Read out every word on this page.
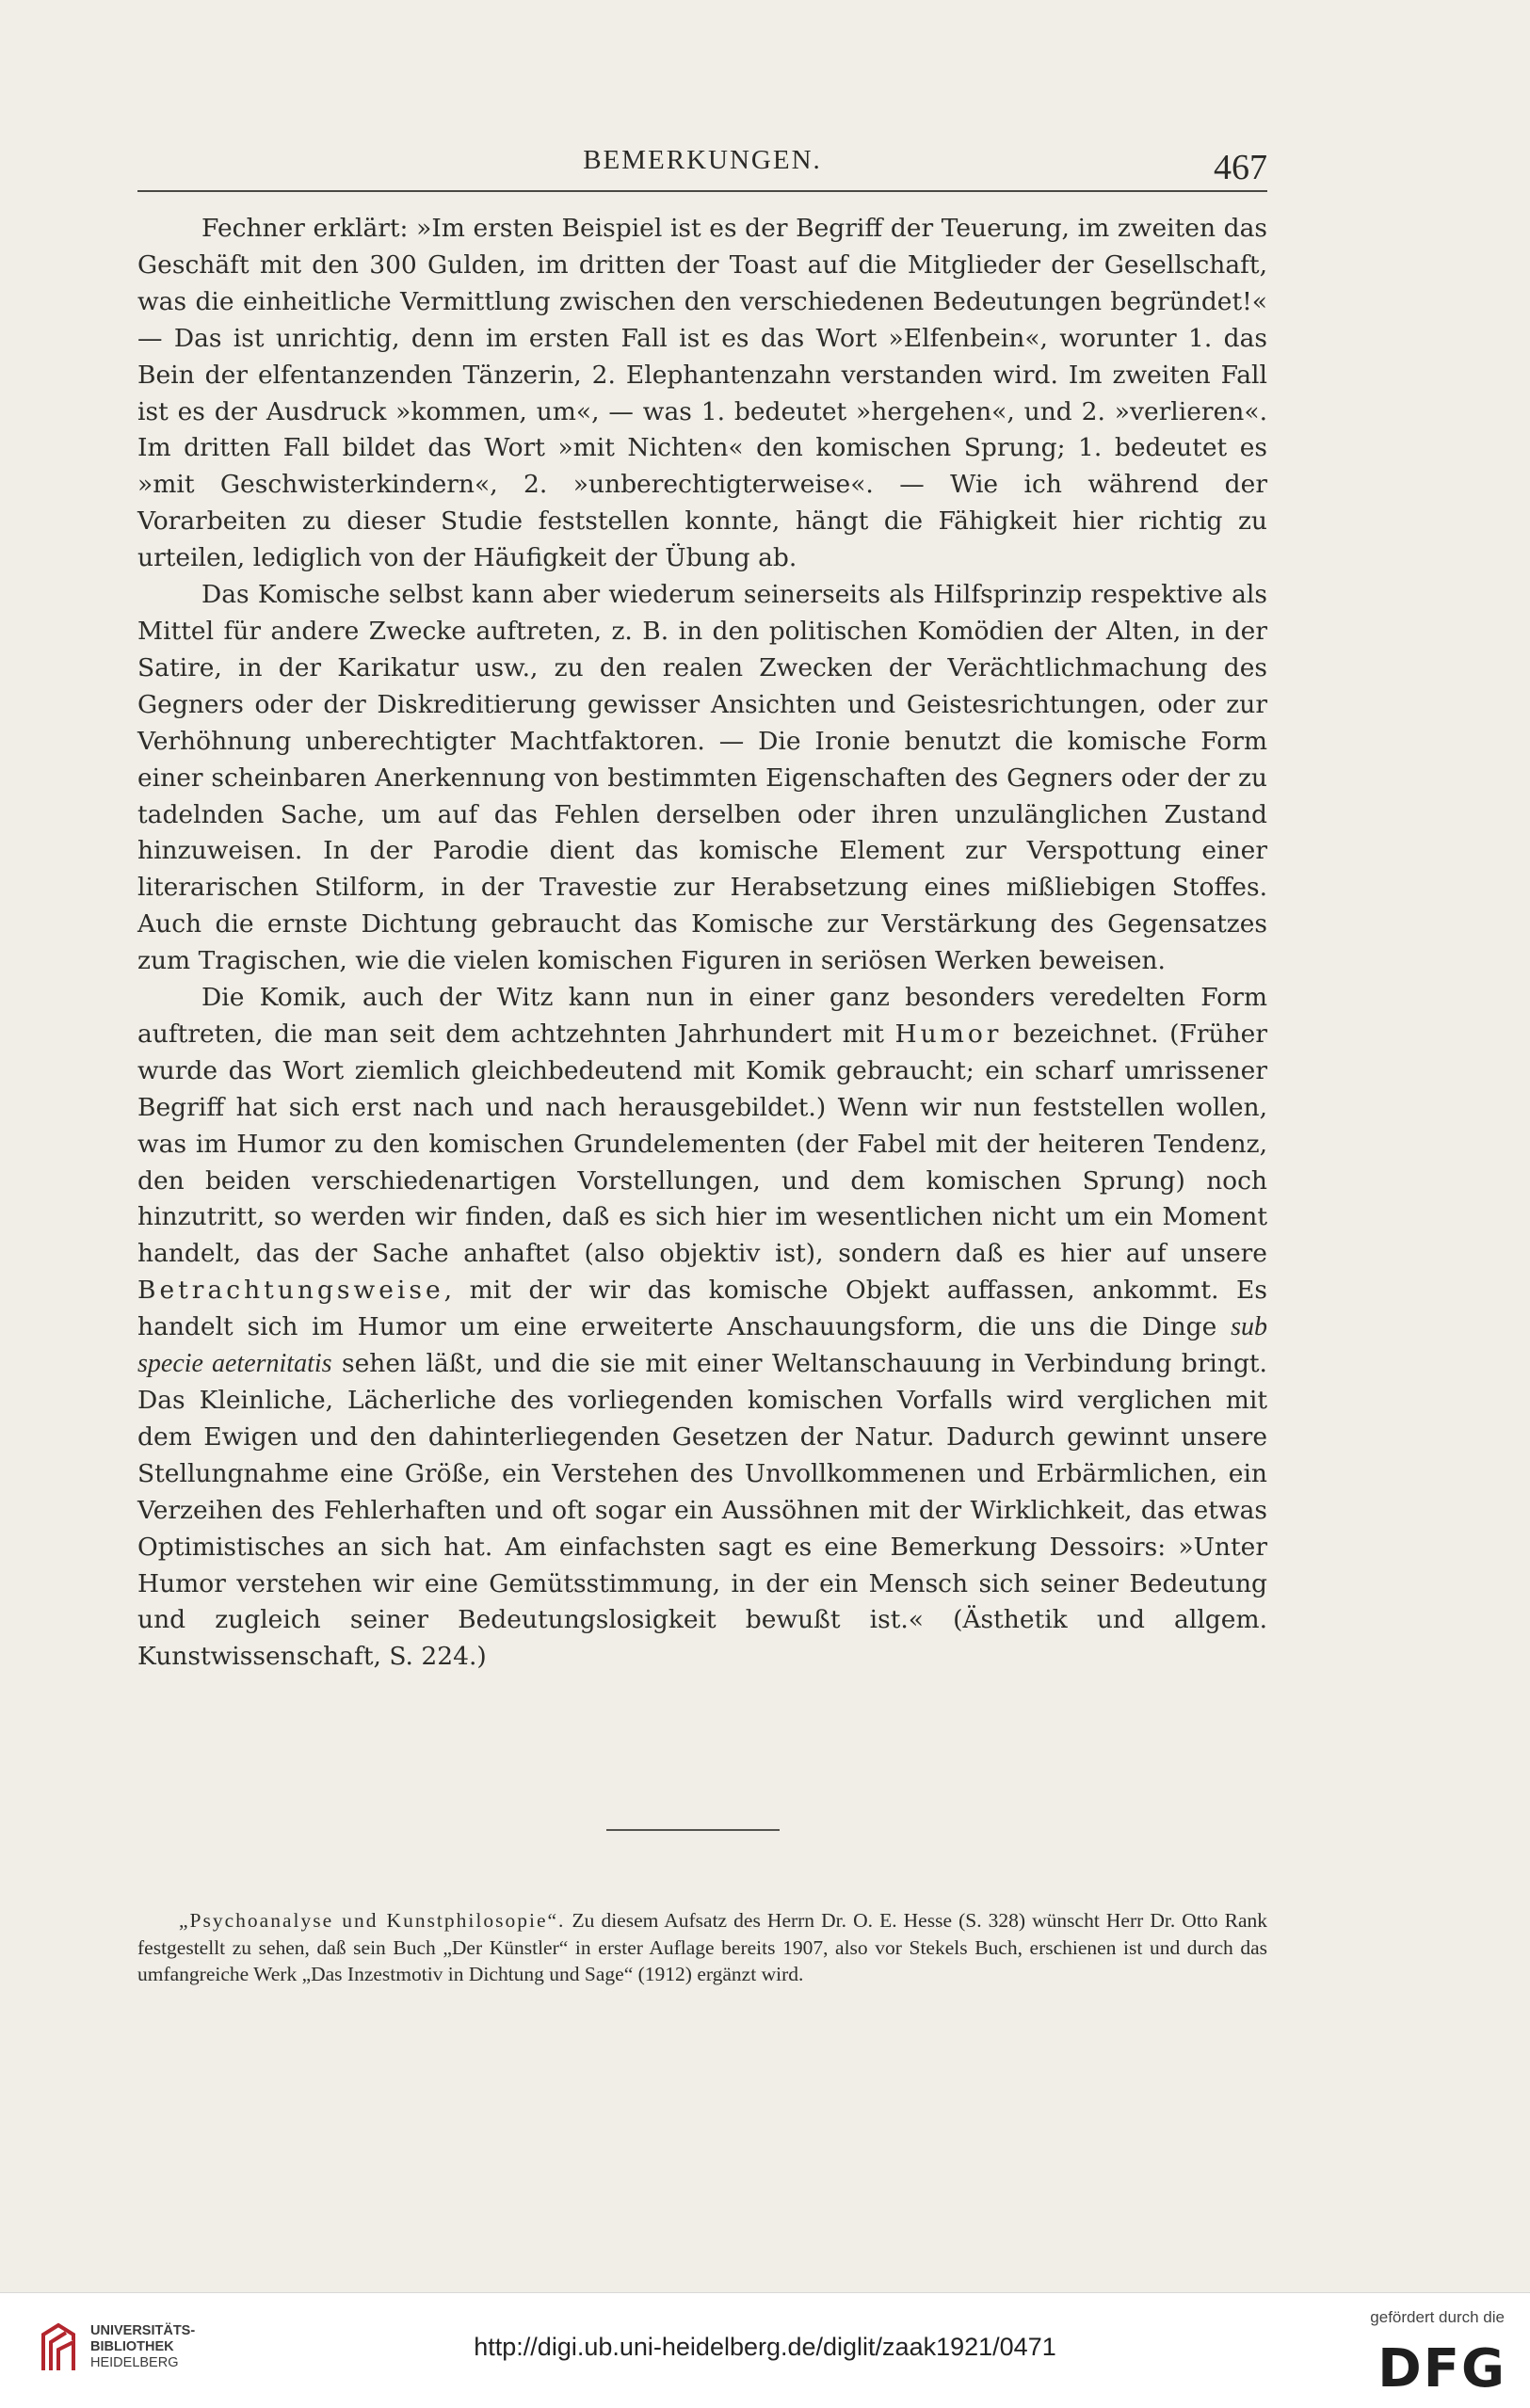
BEMERKUNGEN.	467

Fechner erklärt: »Im ersten Beispiel ist es der Begriff der Teuerung, im zweiten das Geschäft mit den 300 Gulden, im dritten der Toast auf die Mitglieder der Gesellschaft, was die einheitliche Vermittlung zwischen den verschiedenen Bedeutungen begründet!« — Das ist unrichtig, denn im ersten Fall ist es das Wort »Elfenbein«, worunter 1. das Bein der elfentanzenden Tänzerin, 2. Elephantenzahn verstanden wird. Im zweiten Fall ist es der Ausdruck »kommen, um«, — was 1. bedeutet »hergehen«, und 2. »verlieren«. Im dritten Fall bildet das Wort »mit Nichten« den komischen Sprung; 1. bedeutet es »mit Geschwisterkindern«, 2. »unberechtigterweise«. — Wie ich während der Vorarbeiten zu dieser Studie feststellen konnte, hängt die Fähigkeit hier richtig zu urteilen, lediglich von der Häufigkeit der Übung ab.

Das Komische selbst kann aber wiederum seinerseits als Hilfsprinzip respektive als Mittel für andere Zwecke auftreten, z. B. in den politischen Komödien der Alten, in der Satire, in der Karikatur usw., zu den realen Zwecken der Verächtlichmachung des Gegners oder der Diskreditierung gewisser Ansichten und Geistesrichtungen, oder zur Verhöhnung unberechtigter Machtfaktoren. — Die Ironie benutzt die komische Form einer scheinbaren Anerkennung von bestimmten Eigenschaften des Gegners oder der zu tadelnden Sache, um auf das Fehlen derselben oder ihren unzulänglichen Zustand hinzuweisen. In der Parodie dient das komische Element zur Verspottung einer literarischen Stilform, in der Travestie zur Herabsetzung eines mißliebigen Stoffes. Auch die ernste Dichtung gebraucht das Komische zur Verstärkung des Gegensatzes zum Tragischen, wie die vielen komischen Figuren in seriösen Werken beweisen.

Die Komik, auch der Witz kann nun in einer ganz besonders veredelten Form auftreten, die man seit dem achtzehnten Jahrhundert mit Humor bezeichnet. (Früher wurde das Wort ziemlich gleichbedeutend mit Komik gebraucht; ein scharf umrissener Begriff hat sich erst nach und nach herausgebildet.) Wenn wir nun feststellen wollen, was im Humor zu den komischen Grundelementen (der Fabel mit der heiteren Tendenz, den beiden verschiedenartigen Vorstellungen, und dem komischen Sprung) noch hinzutritt, so werden wir finden, daß es sich hier im wesentlichen nicht um ein Moment handelt, das der Sache anhaftet (also objektiv ist), sondern daß es hier auf unsere Betrachtungsweise, mit der wir das komische Objekt auffassen, ankommt. Es handelt sich im Humor um eine erweiterte Anschauungsform, die uns die Dinge sub specie aeternitatis sehen läßt, und die sie mit einer Weltanschauung in Verbindung bringt. Das Kleinliche, Lächerliche des vorliegenden komischen Vorfalls wird verglichen mit dem Ewigen und den dahinterliegenden Gesetzen der Natur. Dadurch gewinnt unsere Stellungnahme eine Größe, ein Verstehen des Unvollkommenen und Erbärmlichen, ein Verzeihen des Fehlerhaften und oft sogar ein Aussöhnen mit der Wirklichkeit, das etwas Optimistisches an sich hat. Am einfachsten sagt es eine Bemerkung Dessoirs: »Unter Humor verstehen wir eine Gemütsstimmung, in der ein Mensch sich seiner Bedeutung und zugleich seiner Bedeutungslosigkeit bewußt ist.« (Ästhetik und allgem. Kunstwissenschaft, S. 224.)

„Psychoanalyse und Kunstphilosopie“. Zu diesem Aufsatz des Herrn Dr. O. E. Hesse (S. 328) wünscht Herr Dr. Otto Rank festgestellt zu sehen, daß sein Buch „Der Künstler“ in erster Auflage bereits 1907, also vor Stekels Buch, erschienen ist und durch das umfangreiche Werk „Das Inzestmotiv in Dichtung und Sage“ (1912) ergänzt wird.

UNIVERSITÄTS-
BIBLIOTHEK
HEIDELBERG
http://digi.ub.uni-heidelberg.de/diglit/zaak1921/0471
gefördert durch die
DFG
